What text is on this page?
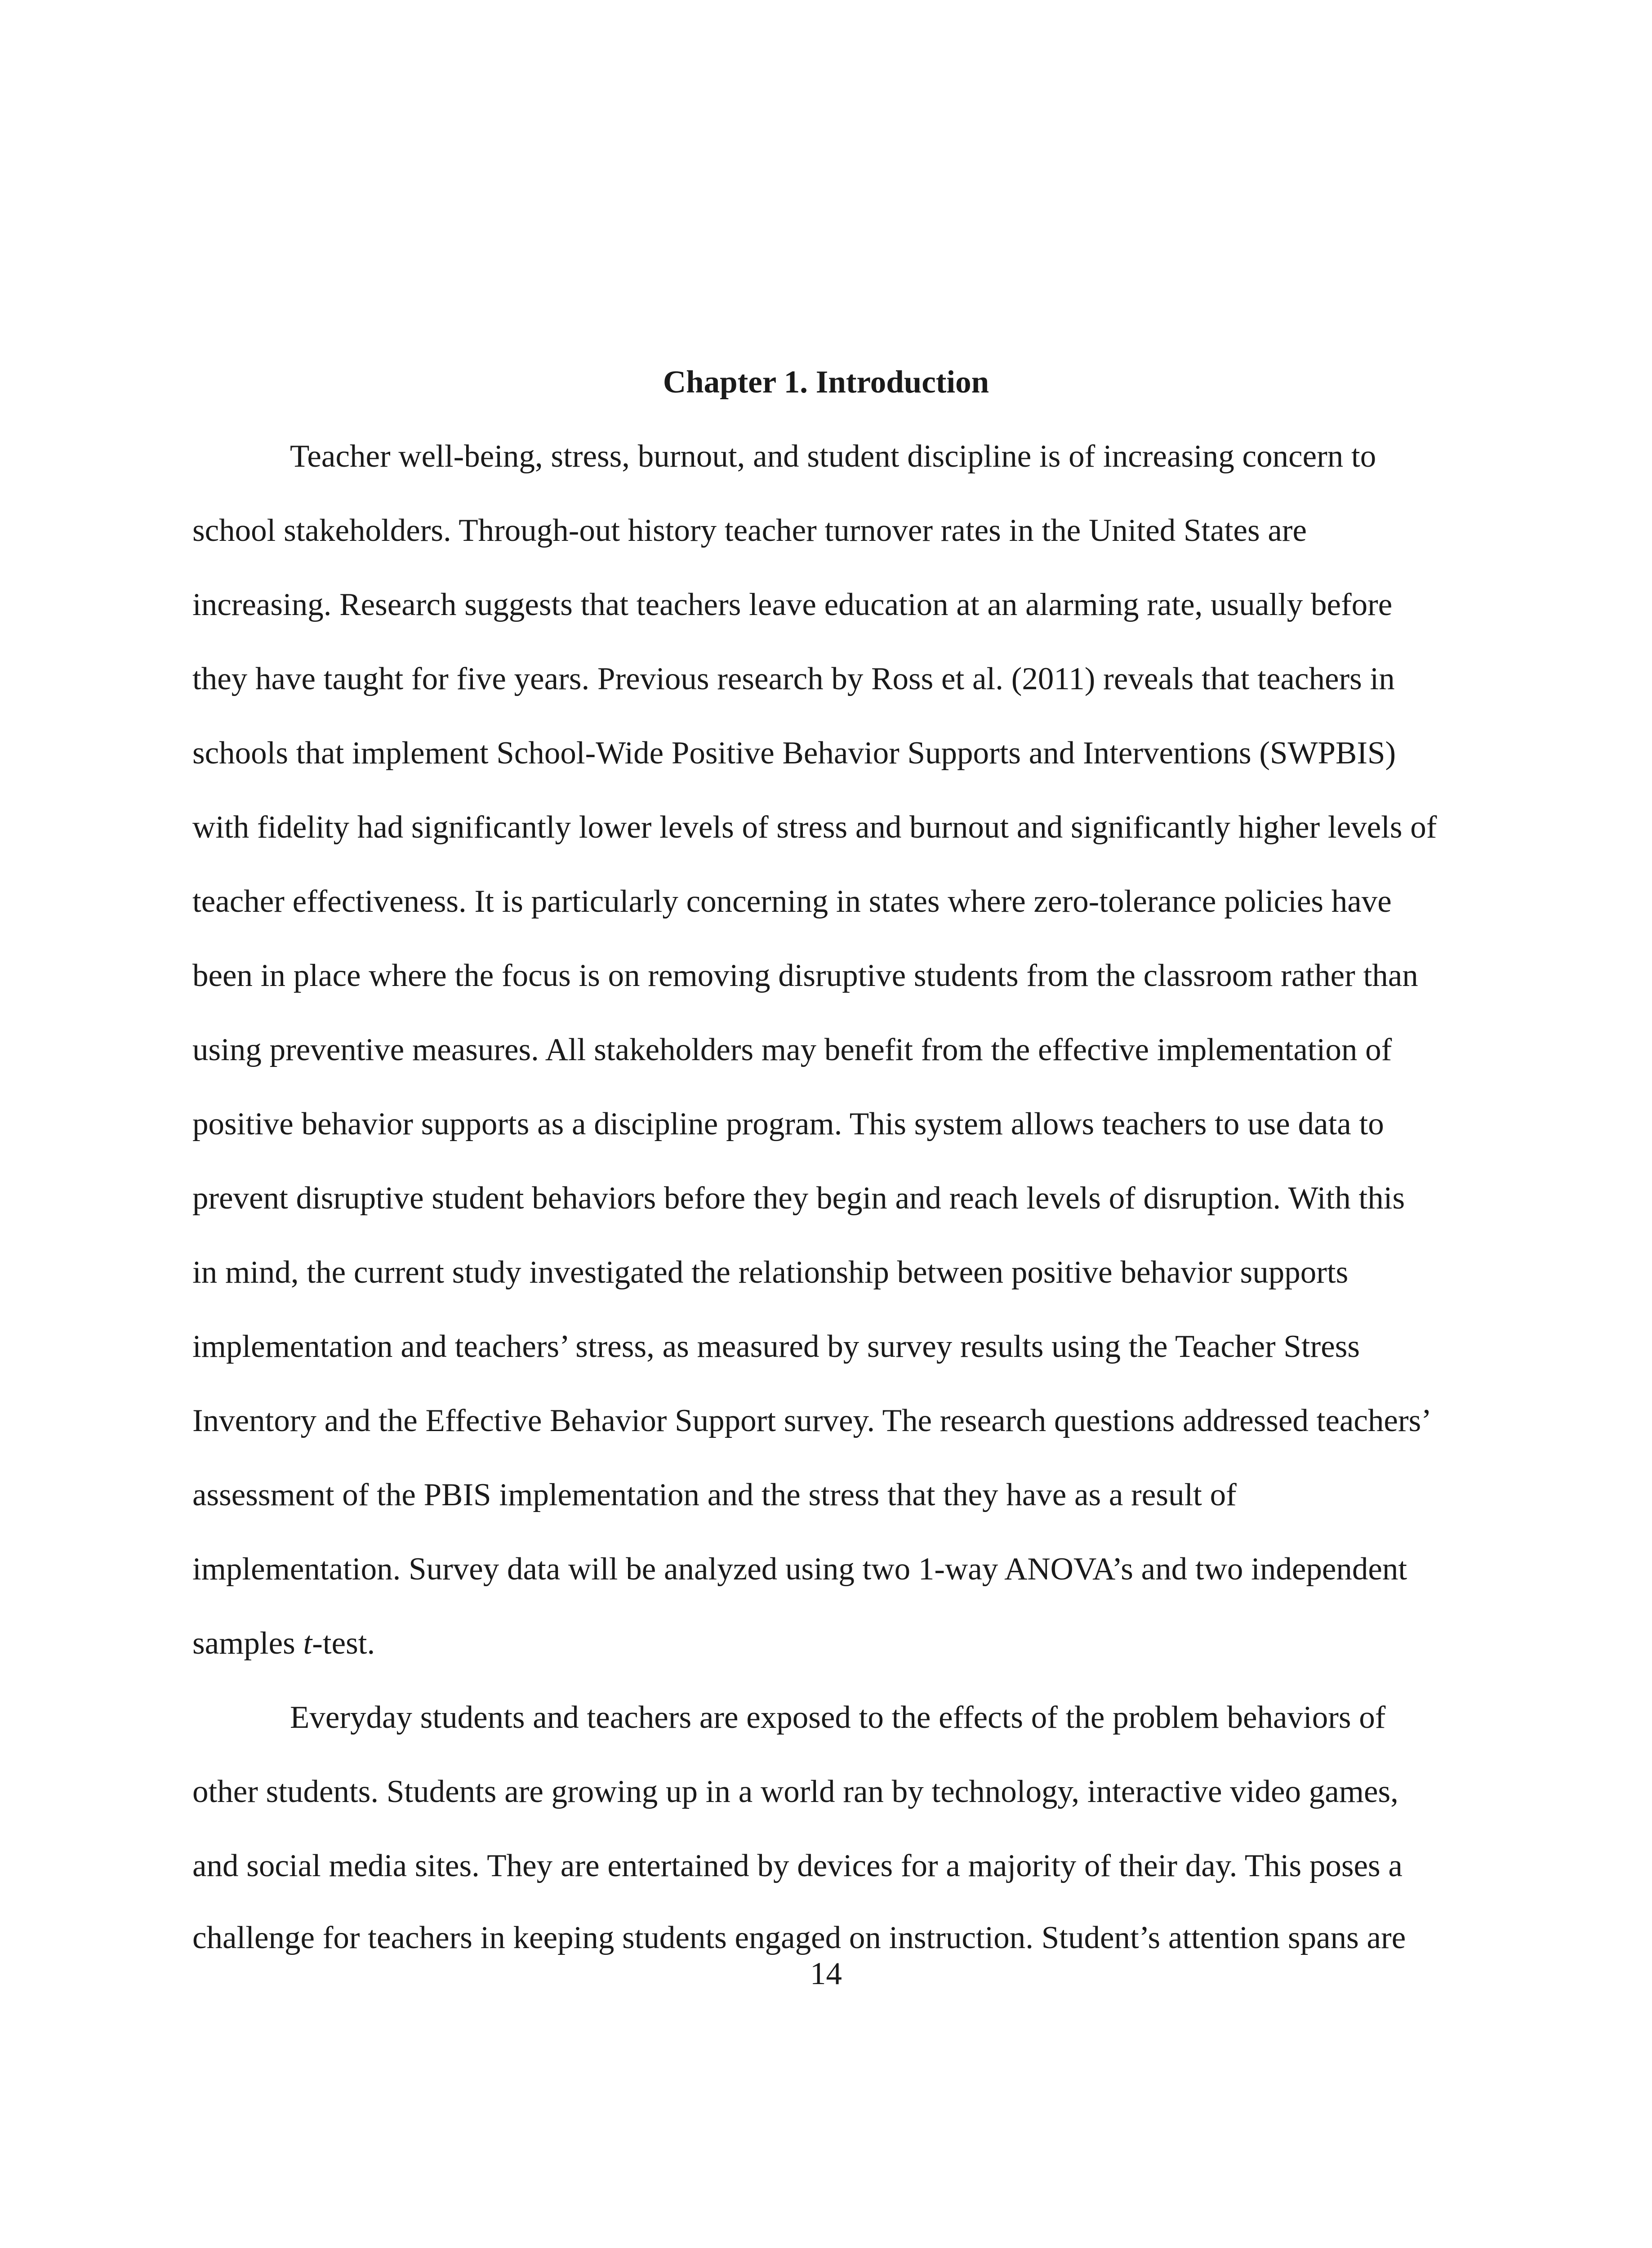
Chapter 1. Introduction

Teacher well-being, stress, burnout, and student discipline is of increasing concern to

school stakeholders. Through-out history teacher turnover rates in the United States are

increasing. Research suggests that teachers leave education at an alarming rate, usually before

they have taught for five years. Previous research by Ross et al. (2011) reveals that teachers in

schools that implement School-Wide Positive Behavior Supports and Interventions (SWPBIS)

with fidelity had significantly lower levels of stress and burnout and significantly higher levels of

teacher effectiveness. It is particularly concerning in states where zero-tolerance policies have

been in place where the focus is on removing disruptive students from the classroom rather than

using preventive measures. All stakeholders may benefit from the effective implementation of

positive behavior supports as a discipline program. This system allows teachers to use data to

prevent disruptive student behaviors before they begin and reach levels of disruption. With this

in mind, the current study investigated the relationship between positive behavior supports

implementation and teachers’ stress, as measured by survey results using the Teacher Stress

Inventory and the Effective Behavior Support survey. The research questions addressed teachers’

assessment of the PBIS implementation and the stress that they have as a result of

implementation. Survey data will be analyzed using two 1-way ANOVA’s and two independent

samples t-test.

Everyday students and teachers are exposed to the effects of the problem behaviors of

other students. Students are growing up in a world ran by technology, interactive video games,

and social media sites. They are entertained by devices for a majority of their day. This poses a

challenge for teachers in keeping students engaged on instruction. Student’s attention spans are

14
